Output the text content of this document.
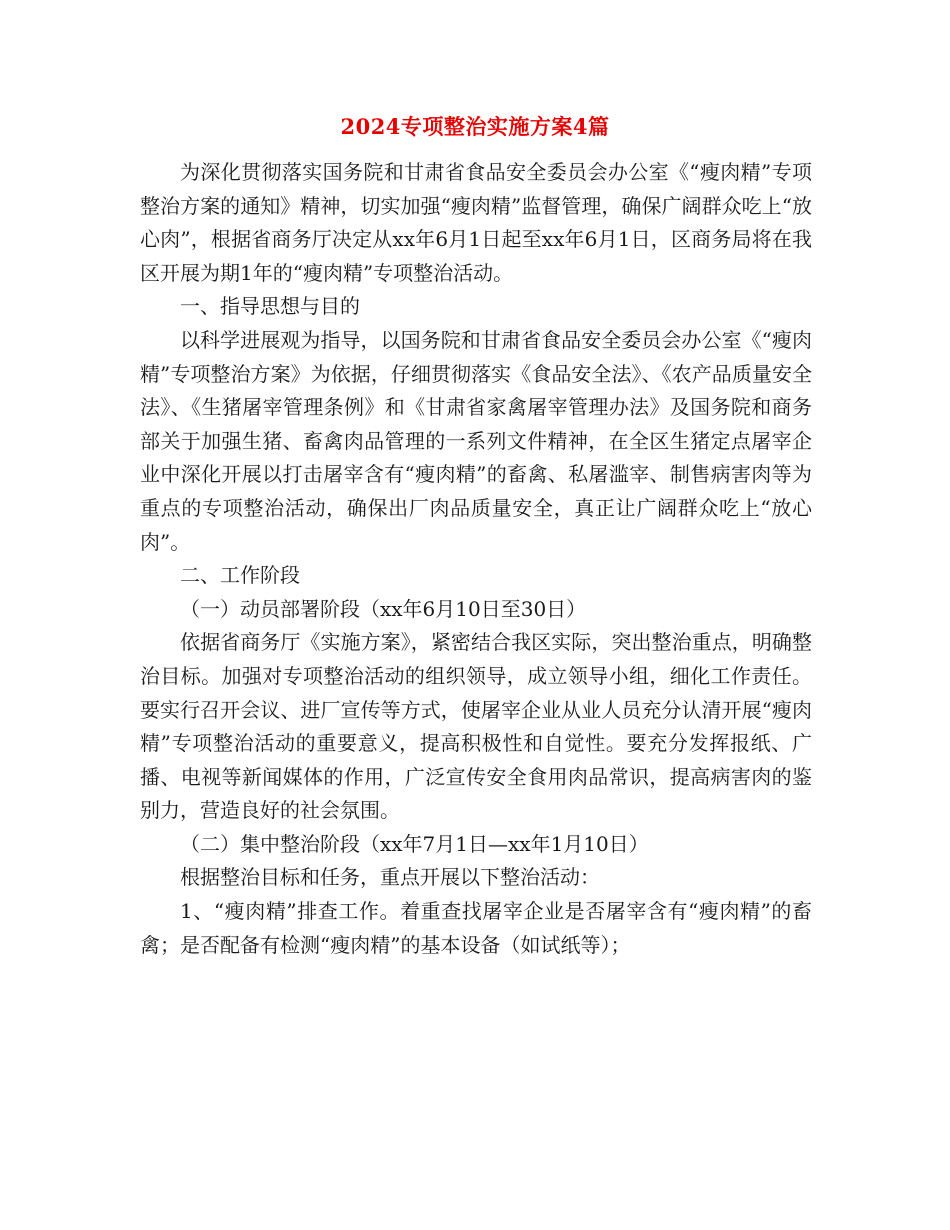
2024专项整治实施方案4篇

为深化贯彻落实国务院和甘肃省食品安全委员会办公室《“瘦肉精”专项整治方案的通知》精神，切实加强“瘦肉精”监督管理，确保广阔群众吃上“放心肉”，根据省商务厅决定从xx年6月1日起至xx年6月1日，区商务局将在我区开展为期1年的“瘦肉精”专项整治活动。

一、指导思想与目的

以科学进展观为指导，以国务院和甘肃省食品安全委员会办公室《“瘦肉精”专项整治方案》为依据，仔细贯彻落实《食品安全法》、《农产品质量安全法》、《生猪屠宰管理条例》和《甘肃省家禽屠宰管理办法》及国务院和商务部关于加强生猪、畜禽肉品管理的一系列文件精神，在全区生猪定点屠宰企业中深化开展以打击屠宰含有“瘦肉精”的畜禽、私屠滥宰、制售病害肉等为重点的专项整治活动，确保出厂肉品质量安全，真正让广阔群众吃上“放心肉”。

二、工作阶段

（一）动员部署阶段（xx年6月10日至30日）

依据省商务厅《实施方案》，紧密结合我区实际，突出整治重点，明确整治目标。加强对专项整治活动的组织领导，成立领导小组，细化工作责任。要实行召开会议、进厂宣传等方式，使屠宰企业从业人员充分认清开展“瘦肉精”专项整治活动的重要意义，提高积极性和自觉性。要充分发挥报纸、广播、电视等新闻媒体的作用，广泛宣传安全食用肉品常识，提高病害肉的鉴别力，营造良好的社会氛围。

（二）集中整治阶段（xx年7月1日—xx年1月10日）

根据整治目标和任务，重点开展以下整治活动：

1、“瘦肉精”排查工作。着重查找屠宰企业是否屠宰含有“瘦肉精”的畜禽；是否配备有检测“瘦肉精”的基本设备（如试纸等）；
